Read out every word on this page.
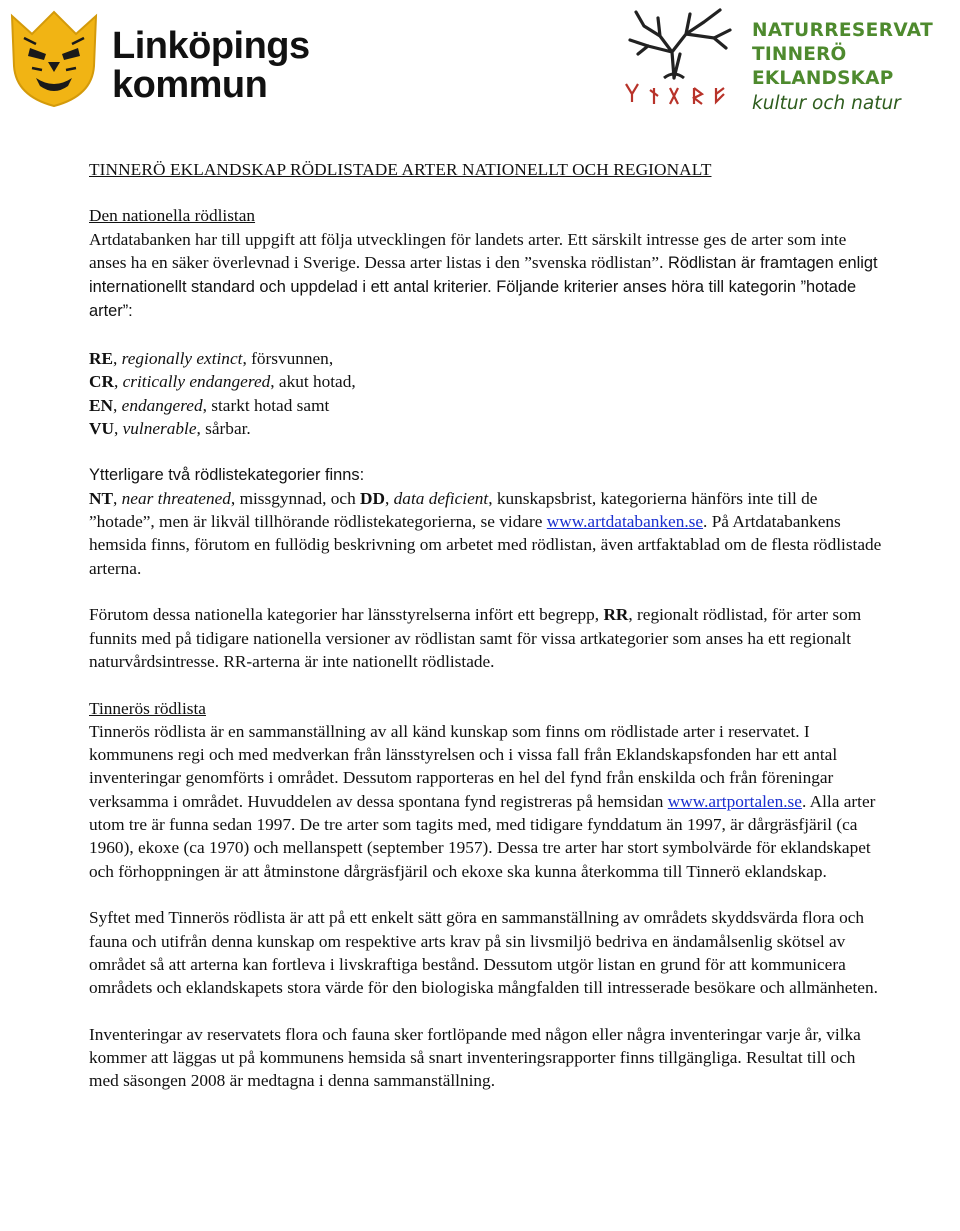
Linköpings
kommun
NATURRESERVAT
TINNERÖ EKLANDSKAP
kultur och natur
TINNERÖ EKLANDSKAP RÖDLISTADE ARTER NATIONELLT OCH REGIONALT
Den nationella rödlistan
Artdatabanken har till uppgift att följa utvecklingen för landets arter. Ett särskilt intresse ges de arter som inte anses ha en säker överlevnad i Sverige. Dessa arter listas i den ”svenska rödlistan”. Rödlistan är framtagen enligt internationellt standard och uppdelad i ett antal kriterier. Följande kriterier anses höra till kategorin ”hotade arter”:
RE, regionally extinct, försvunnen,
CR, critically endangered, akut hotad,
EN, endangered, starkt hotad samt
VU, vulnerable, sårbar.
Ytterligare två rödlistekategorier finns:
NT, near threatened, missgynnad, och DD, data deficient, kunskapsbrist, kategorierna hänförs inte till de ”hotade”, men är likväl tillhörande rödlistekategorierna, se vidare www.artdatabanken.se. På Artdatabankens hemsida finns, förutom en fullödig beskrivning om arbetet med rödlistan, även artfaktablad om de flesta rödlistade arterna.
Förutom dessa nationella kategorier har länsstyrelserna infört ett begrepp, RR, regionalt rödlistad, för arter som funnits med på tidigare nationella versioner av rödlistan samt för vissa artkategorier som anses ha ett regionalt naturvårdsintresse. RR-arterna är inte nationellt rödlistade.
Tinnerös rödlista
Tinnerös rödlista är en sammanställning av all känd kunskap som finns om rödlistade arter i reservatet. I kommunens regi och med medverkan från länsstyrelsen och i vissa fall från Eklandskapsfonden har ett antal inventeringar genomförts i området. Dessutom rapporteras en hel del fynd från enskilda och från föreningar verksamma i området. Huvuddelen av dessa spontana fynd registreras på hemsidan www.artportalen.se. Alla arter utom tre är funna sedan 1997. De tre arter som tagits med, med tidigare fynddatum än 1997, är dårgräsfjäril (ca 1960), ekoxe (ca 1970) och mellanspett (september 1957). Dessa tre arter har stort symbolvärde för eklandskapet och förhoppningen är att åtminstone dårgräsfjäril och ekoxe ska kunna återkomma till Tinnerö eklandskap.
Syftet med Tinnerös rödlista är att på ett enkelt sätt göra en sammanställning av områdets skyddsvärda flora och fauna och utifrån denna kunskap om respektive arts krav på sin livsmiljö bedriva en ändamålsenlig skötsel av området så att arterna kan fortleva i livskraftiga bestånd. Dessutom utgör listan en grund för att kommunicera områdets och eklandskapets stora värde för den biologiska mångfalden till intresserade besökare och allmänheten.
Inventeringar av reservatets flora och fauna sker fortlöpande med någon eller några inventeringar varje år, vilka kommer att läggas ut på kommunens hemsida så snart inventeringsrapporter finns tillgängliga. Resultat till och med säsongen 2008 är medtagna i denna sammanställning.
